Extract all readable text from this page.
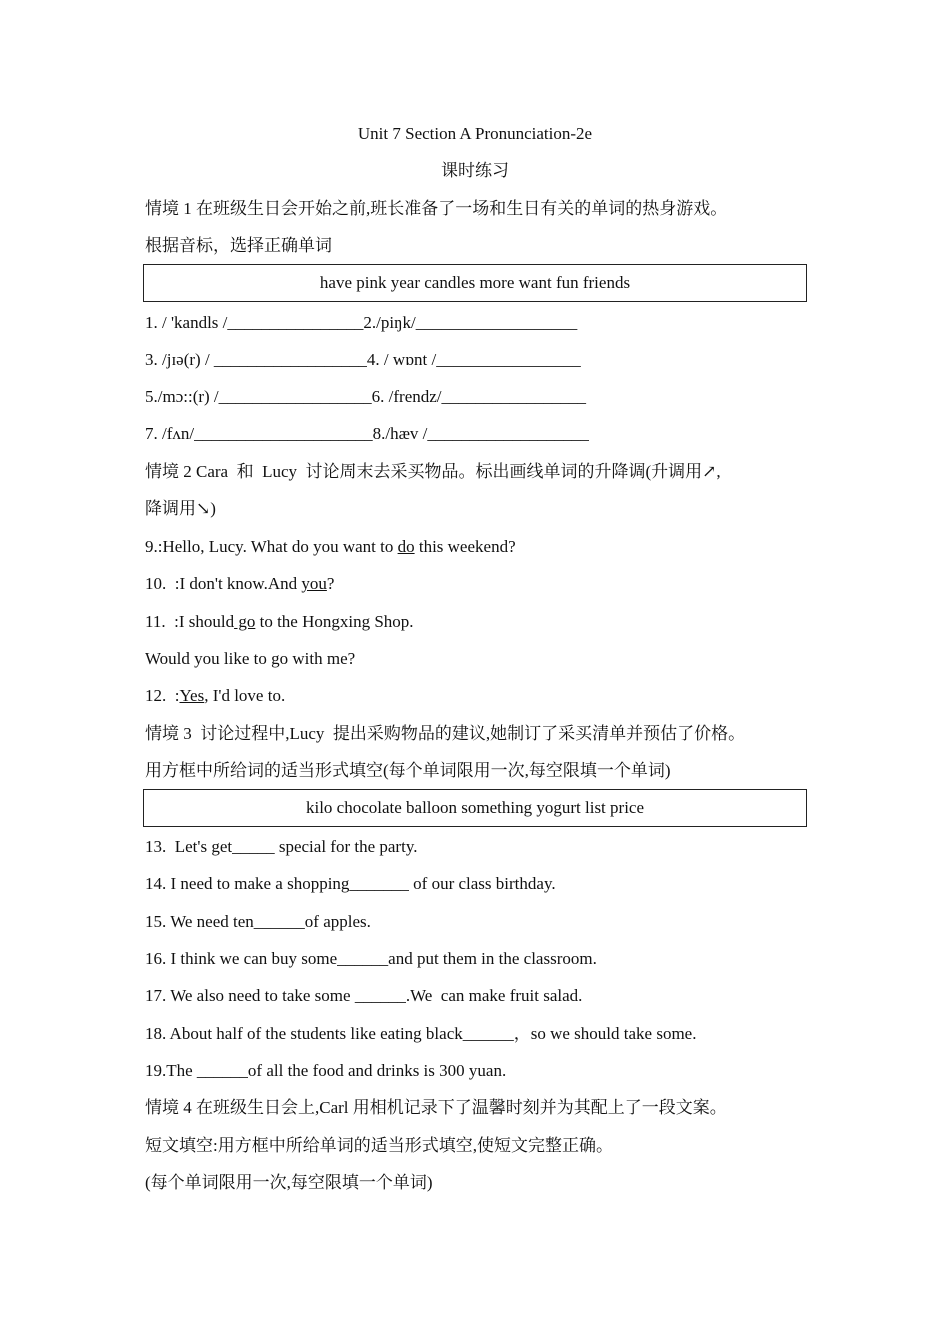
Unit 7 Section A Pronunciation-2e
课时练习
情境 1 在班级生日会开始之前,班长准备了一场和生日有关的单词的热身游戏。
根据音标，选择正确单词
have pink year candles more want fun friends
1. / 'kandls /________________2./piŋk/___________________
3. /jɪə(r) / __________________4. / wɒnt /_________________
5./mɔ::(r) /__________________6. /frendz/_________________
7. /fʌn/_____________________8./hæv /___________________
情境 2 Cara  和  Lucy  讨论周末去采买物品。标出画线单词的升降调(升调用↗,
降调用↘)
9.:Hello, Lucy. What do you want to do this weekend?
10.  :I don't know.And you?
11.  :I should go to the Hongxing Shop.
Would you like to go with me?
12.  :Yes, I'd love to.
情境 3  讨论过程中,Lucy  提出采购物品的建议,她制订了采买清单并预估了价格。
用方框中所给词的适当形式填空(每个单词限用一次,每空限填一个单词)
kilo chocolate balloon something yogurt list price
13.  Let's get_____ special for the party.
14. I need to make a shopping_______ of our class birthday.
15. We need ten______of apples.
16. I think we can buy some______and put them in the classroom.
17. We also need to take some ______.We  can make fruit salad.
18. About half of the students like eating black______，so we should take some.
19.The ______of all the food and drinks is 300 yuan.
情境 4 在班级生日会上,Carl 用相机记录下了温馨时刻并为其配上了一段文案。
短文填空:用方框中所给单词的适当形式填空,使短文完整正确。
(每个单词限用一次,每空限填一个单词)
